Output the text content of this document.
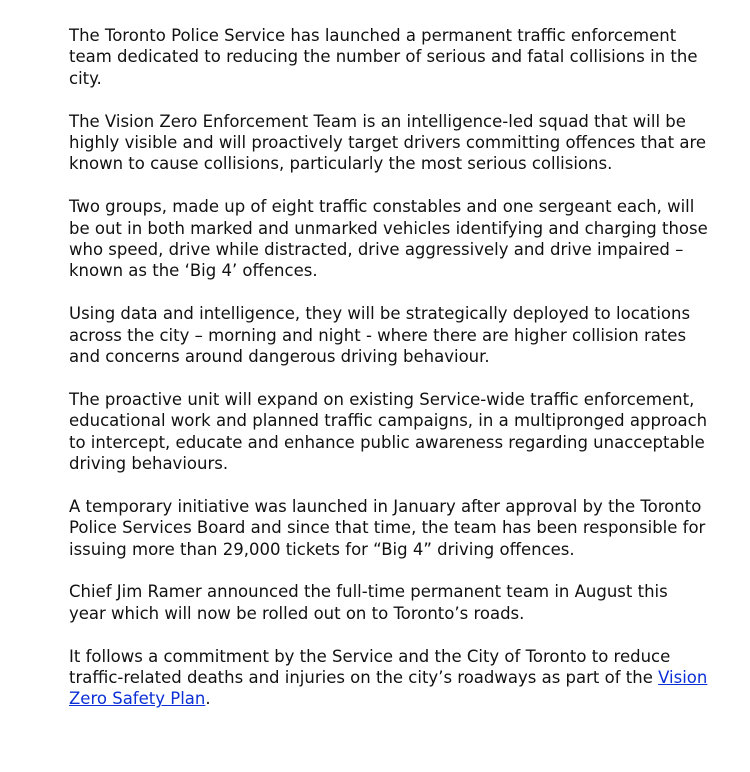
The Toronto Police Service has launched a permanent traffic enforcement team dedicated to reducing the number of serious and fatal collisions in the city.

The Vision Zero Enforcement Team is an intelligence-led squad that will be highly visible and will proactively target drivers committing offences that are known to cause collisions, particularly the most serious collisions.

Two groups, made up of eight traffic constables and one sergeant each, will be out in both marked and unmarked vehicles identifying and charging those who speed, drive while distracted, drive aggressively and drive impaired – known as the ‘Big 4’ offences.

Using data and intelligence, they will be strategically deployed to locations across the city – morning and night - where there are higher collision rates and concerns around dangerous driving behaviour.

The proactive unit will expand on existing Service-wide traffic enforcement, educational work and planned traffic campaigns, in a multipronged approach to intercept, educate and enhance public awareness regarding unacceptable driving behaviours.

A temporary initiative was launched in January after approval by the Toronto Police Services Board and since that time, the team has been responsible for issuing more than 29,000 tickets for “Big 4” driving offences.

Chief Jim Ramer announced the full-time permanent team in August this year which will now be rolled out on to Toronto’s roads.

It follows a commitment by the Service and the City of Toronto to reduce traffic-related deaths and injuries on the city’s roadways as part of the Vision Zero Safety Plan.
